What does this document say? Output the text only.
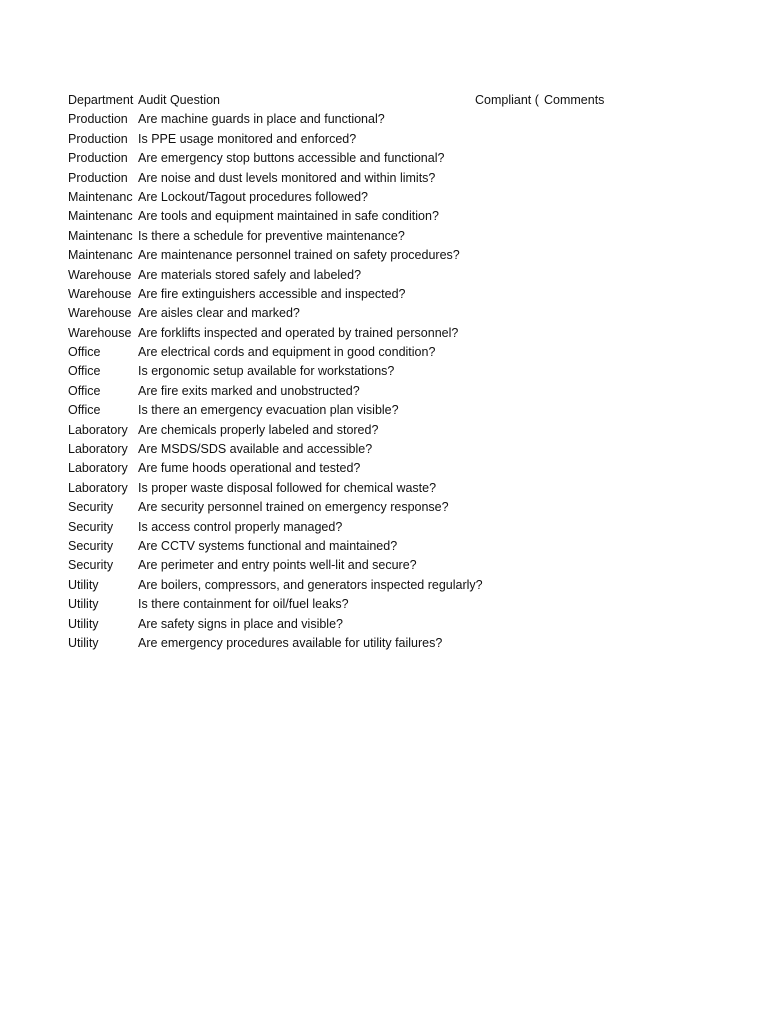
Department Audit Question	Compliant ( Comments
Production Are machine guards in place and functional?
Production Is PPE usage monitored and enforced?
Production Are emergency stop buttons accessible and functional?
Production Are noise and dust levels monitored and within limits?
Maintenanc Are Lockout/Tagout procedures followed?
Maintenanc Are tools and equipment maintained in safe condition?
Maintenanc Is there a schedule for preventive maintenance?
Maintenanc Are maintenance personnel trained on safety procedures?
Warehouse Are materials stored safely and labeled?
Warehouse Are fire extinguishers accessible and inspected?
Warehouse Are aisles clear and marked?
Warehouse Are forklifts inspected and operated by trained personnel?
Office	Are electrical cords and equipment in good condition?
Office	Is ergonomic setup available for workstations?
Office	Are fire exits marked and unobstructed?
Office	Is there an emergency evacuation plan visible?
Laboratory Are chemicals properly labeled and stored?
Laboratory Are MSDS/SDS available and accessible?
Laboratory Are fume hoods operational and tested?
Laboratory Is proper waste disposal followed for chemical waste?
Security	Are security personnel trained on emergency response?
Security	Is access control properly managed?
Security	Are CCTV systems functional and maintained?
Security	Are perimeter and entry points well-lit and secure?
Utility	Are boilers, compressors, and generators inspected regularly?
Utility	Is there containment for oil/fuel leaks?
Utility	Are safety signs in place and visible?
Utility	Are emergency procedures available for utility failures?
